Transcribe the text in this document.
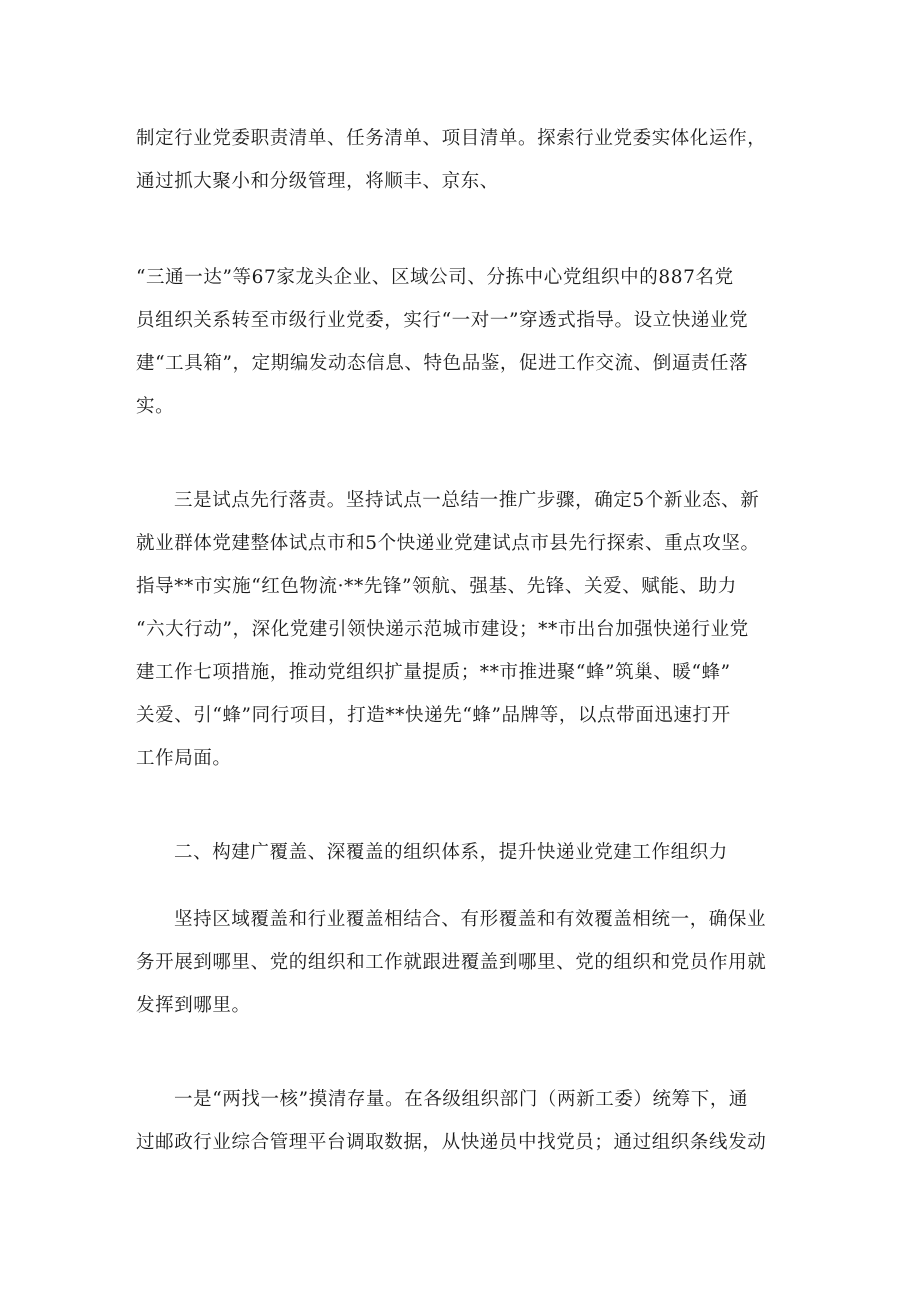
制定行业党委职责清单、任务清单、项目清单。探索行业党委实体化运作，
通过抓大聚小和分级管理，将顺丰、京东、

“三通一达”等67家龙头企业、区域公司、分拣中心党组织中的887名党
员组织关系转至市级行业党委，实行“一对一”穿透式指导。设立快递业党
建“工具箱”，定期编发动态信息、特色品鉴，促进工作交流、倒逼责任落
实。

三是试点先行落责。坚持试点一总结一推广步骤，确定5个新业态、新
就业群体党建整体试点市和5个快递业党建试点市县先行探索、重点攻坚。
指导**市实施“红色物流·**先锋”领航、强基、先锋、关爱、赋能、助力
“六大行动”，深化党建引领快递示范城市建设；**市出台加强快递行业党
建工作七项措施，推动党组织扩量提质；**市推进聚“蜂”筑巢、暖“蜂”
关爱、引“蜂”同行项目，打造**快递先“蜂”品牌等，以点带面迅速打开
工作局面。

二、构建广覆盖、深覆盖的组织体系，提升快递业党建工作组织力

坚持区域覆盖和行业覆盖相结合、有形覆盖和有效覆盖相统一，确保业
务开展到哪里、党的组织和工作就跟进覆盖到哪里、党的组织和党员作用就
发挥到哪里。

一是“两找一核”摸清存量。在各级组织部门（两新工委）统筹下，通
过邮政行业综合管理平台调取数据，从快递员中找党员；通过组织条线发动
